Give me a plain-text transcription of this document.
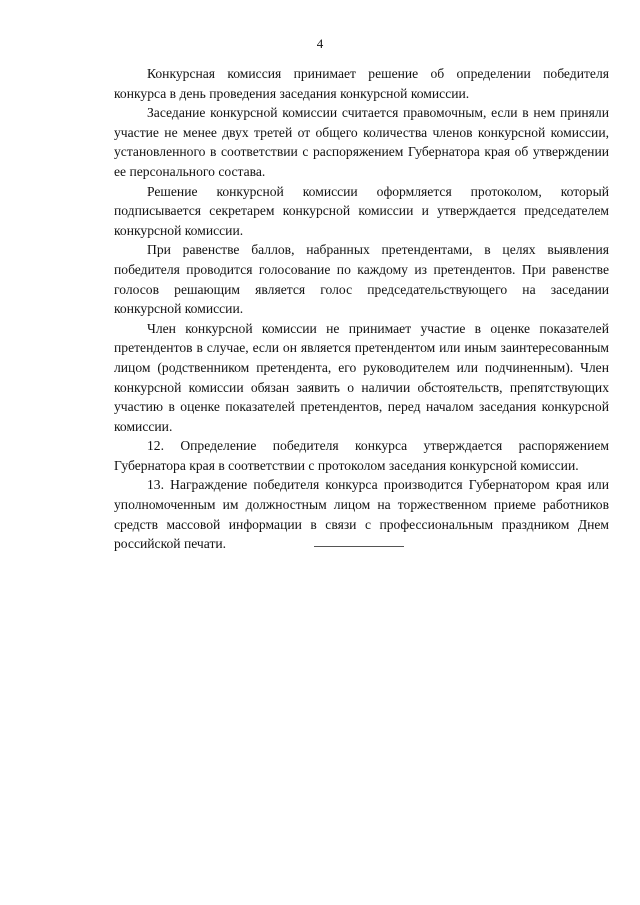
4

Конкурсная комиссия принимает решение об определении победителя конкурса в день проведения заседания конкурсной комиссии.

Заседание конкурсной комиссии считается правомочным, если в нем приняли участие не менее двух третей от общего количества членов конкурсной комиссии, установленного в соответствии с распоряжением Губернатора края об утверждении ее персонального состава.

Решение конкурсной комиссии оформляется протоколом, который подписывается секретарем конкурсной комиссии и утверждается председателем конкурсной комиссии.

При равенстве баллов, набранных претендентами, в целях выявления победителя проводится голосование по каждому из претендентов. При равенстве голосов решающим является голос председательствующего на заседании конкурсной комиссии.

Член конкурсной комиссии не принимает участие в оценке показателей претендентов в случае, если он является претендентом или иным заинтересованным лицом (родственником претендента, его руководителем или подчиненным). Член конкурсной комиссии обязан заявить о наличии обстоятельств, препятствующих участию в оценке показателей претендентов, перед началом заседания конкурсной комиссии.

12. Определение победителя конкурса утверждается распоряжением Губернатора края в соответствии с протоколом заседания конкурсной комиссии.

13. Награждение победителя конкурса производится Губернатором края или уполномоченным им должностным лицом на торжественном приеме работников средств массовой информации в связи с профессиональным праздником Днем российской печати.
